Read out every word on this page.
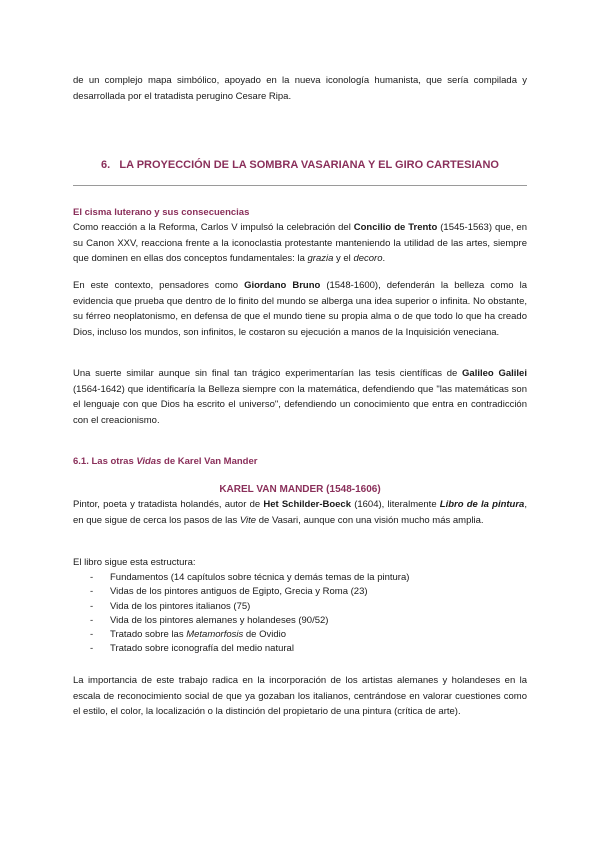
de un complejo mapa simbólico, apoyado en la nueva iconología humanista, que sería compilada y desarrollada por el tratadista perugino Cesare Ripa.

6. LA PROYECCIÓN DE LA SOMBRA VASARIANA Y EL GIRO CARTESIANO
El cisma luterano y sus consecuencias

Como reacción a la Reforma, Carlos V impulsó la celebración del Concilio de Trento (1545-1563) que, en su Canon XXV, reacciona frente a la iconoclastia protestante manteniendo la utilidad de las artes, siempre que dominen en ellas dos conceptos fundamentales: la grazia y el decoro.

En este contexto, pensadores como Giordano Bruno (1548-1600), defenderán la belleza como la evidencia que prueba que dentro de lo finito del mundo se alberga una idea superior o infinita. No obstante, su férreo neoplatonismo, en defensa de que el mundo tiene su propia alma o de que todo lo que ha creado Dios, incluso los mundos, son infinitos, le costaron su ejecución a manos de la Inquisición veneciana.

Una suerte similar aunque sin final tan trágico experimentarían las tesis científicas de Galileo Galilei (1564-1642) que identificaría la Belleza siempre con la matemática, defendiendo que "las matemáticas son el lenguaje con que Dios ha escrito el universo", defendiendo un conocimiento que entra en contradicción con el creacionismo.

6.1. Las otras Vidas de Karel Van Mander
KAREL VAN MANDER (1548-1606)

Pintor, poeta y tratadista holandés, autor de Het Schilder-Boeck (1604), literalmente Libro de la pintura, en que sigue de cerca los pasos de las Vite de Vasari, aunque con una visión mucho más amplia.

El libro sigue esta estructura:

- Fundamentos (14 capítulos sobre técnica y demás temas de la pintura)
- Vidas de los pintores antiguos de Egipto, Grecia y Roma (23)
- Vida de los pintores italianos (75)
- Vida de los pintores alemanes y holandeses (90/52)
- Tratado sobre las Metamorfosis de Ovidio
- Tratado sobre iconografía del medio natural

La importancia de este trabajo radica en la incorporación de los artistas alemanes y holandeses en la escala de reconocimiento social de que ya gozaban los italianos, centrándose en valorar cuestiones como el estilo, el color, la localización o la distinción del propietario de una pintura (crítica de arte).
